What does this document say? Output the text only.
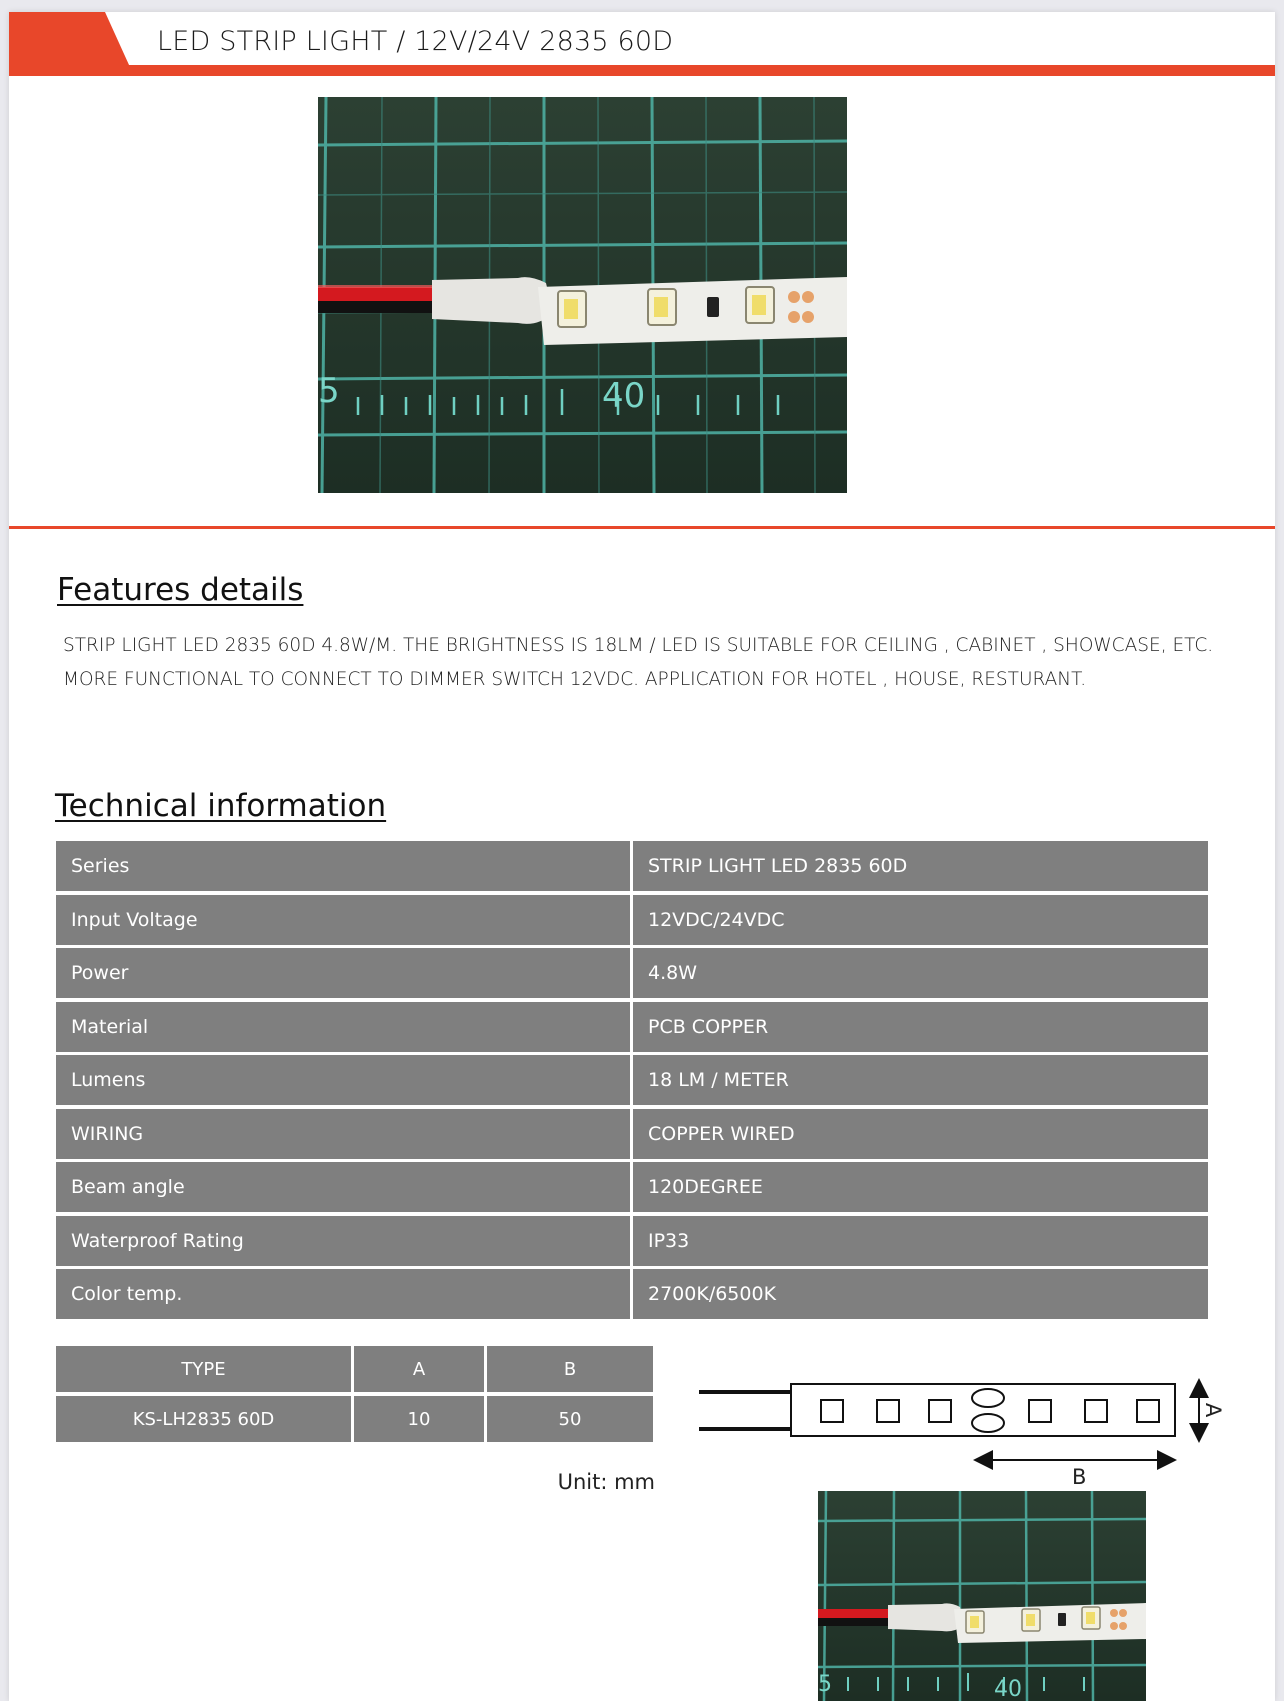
LED STRIP LIGHT / 12V/24V 2835 60D
5	40
Features details
STRIP LIGHT LED 2835 60D 4.8W/M. THE BRIGHTNESS IS 18LM / LED IS SUITABLE FOR CEILING , CABINET , SHOWCASE, ETC. MORE FUNCTIONAL TO CONNECT TO DIMMER SWITCH 12VDC. APPLICATION FOR HOTEL , HOUSE, RESTURANT.
Technical information
Series	STRIP LIGHT LED 2835 60D
Input Voltage	12VDC/24VDC
Power	4.8W
Material	PCB COPPER
Lumens	18 LM / METER
WIRING	COPPER WIRED
Beam angle	120DEGREE
Waterproof Rating	IP33
Color temp.	2700K/6500K
TYPE	A	B
KS-LH2835 60D	10	50
Unit: mm	B
A
5	40
